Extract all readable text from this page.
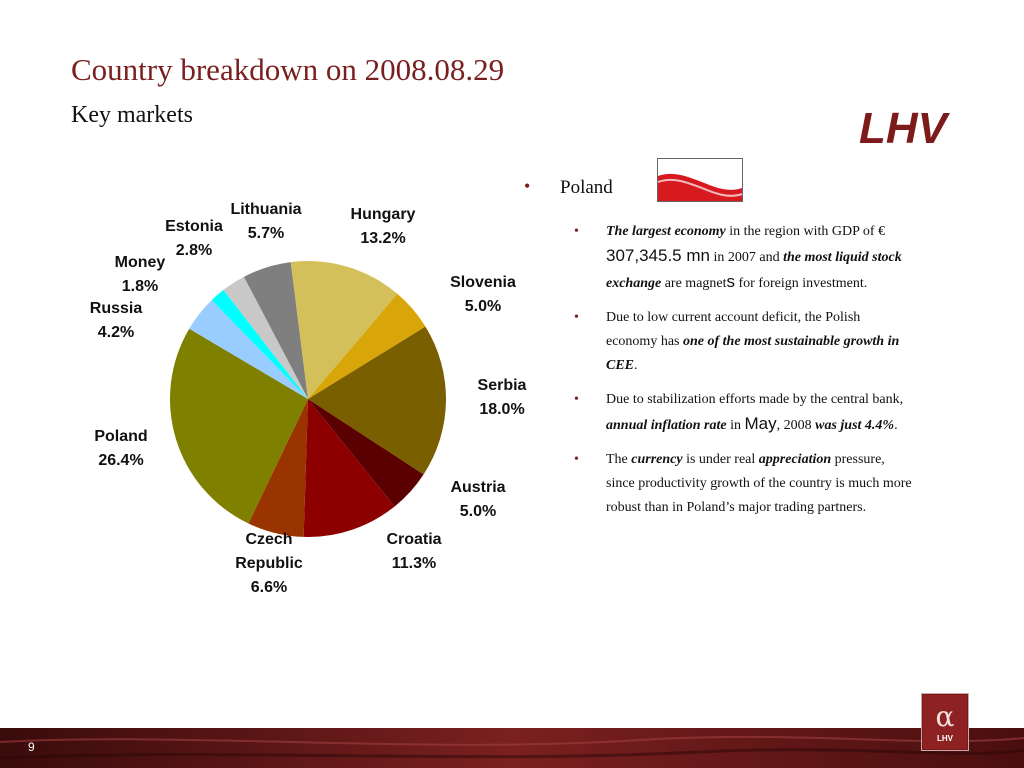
Country breakdown on 2008.08.29
Key markets	LHV
Lithuania 5.7%
Hungary 13.2%
Slovenia 5.0%
Serbia 18.0%
Austria 5.0%
Croatia 11.3%
Czech Republic 6.6%
Poland 26.4%
Russia 4.2%
Money 1.8%
Estonia 2.8%
• Poland
• The largest economy in the region with GDP of € 307,345.5 mn in 2007 and the most liquid stock exchange are magnets for foreign investment.
• Due to low current account deficit, the Polish economy has one of the most sustainable growth in CEE.
• Due to stabilization efforts made by the central bank, annual inflation rate in May, 2008 was just 4.4%.
• The currency is under real appreciation pressure, since productivity growth of the country is much more robust than in Poland’s major trading partners.
9
α
LHV
